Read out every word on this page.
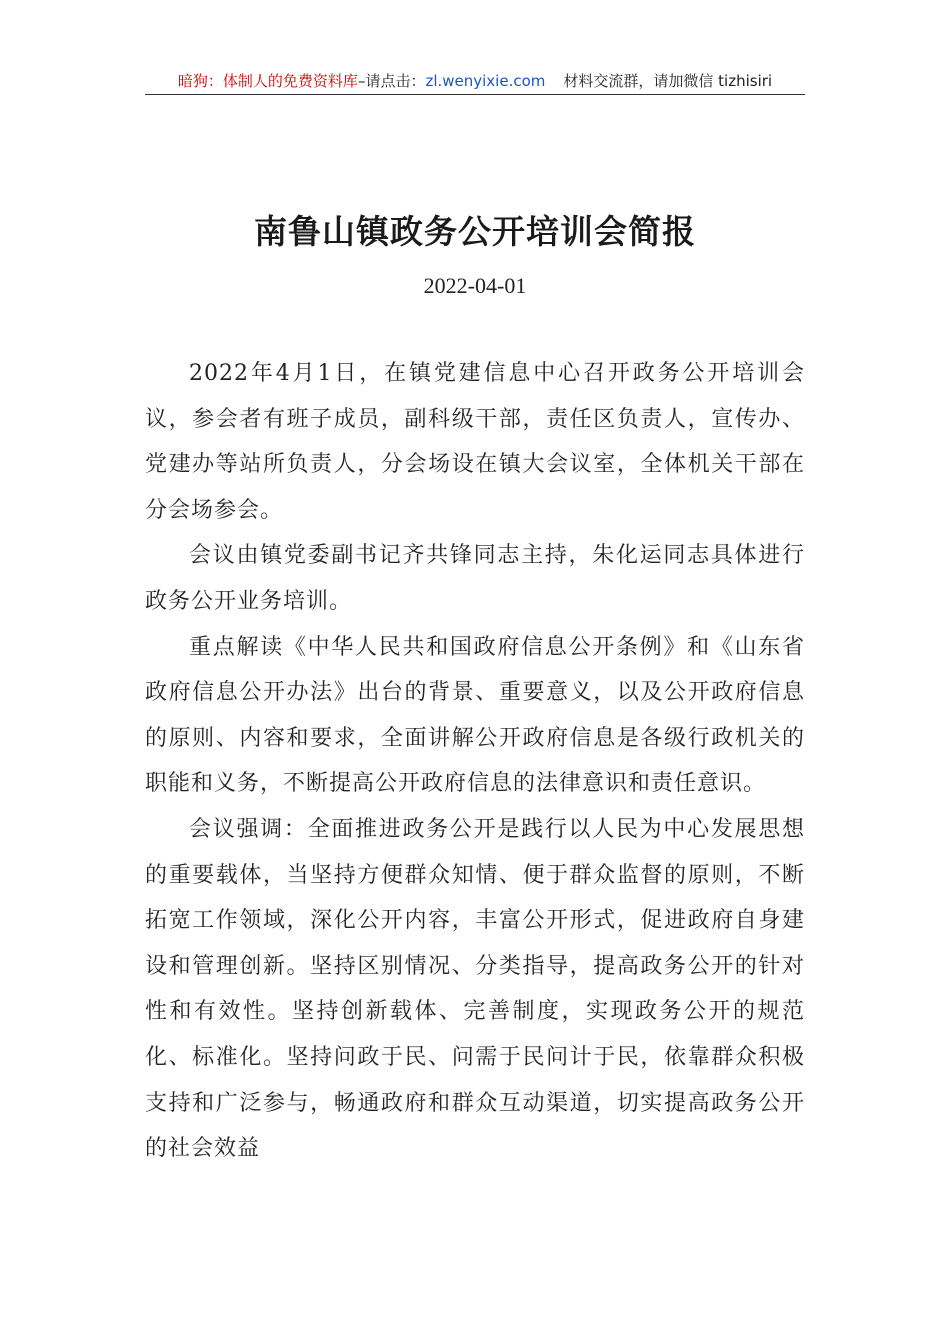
暗狗：体制人的免费资料库–请点击：zl.wenyixie.com 材料交流群，请加微信 tizhisiri
南鲁山镇政务公开培训会简报
2022-04-01

2022年4月1日，在镇党建信息中心召开政务公开培训会议，参会者有班子成员，副科级干部，责任区负责人，宣传办、党建办等站所负责人，分会场设在镇大会议室，全体机关干部在分会场参会。

会议由镇党委副书记齐共锋同志主持，朱化运同志具体进行政务公开业务培训。

重点解读《中华人民共和国政府信息公开条例》和《山东省政府信息公开办法》出台的背景、重要意义，以及公开政府信息的原则、内容和要求，全面讲解公开政府信息是各级行政机关的职能和义务，不断提高公开政府信息的法律意识和责任意识。

会议强调：全面推进政务公开是践行以人民为中心发展思想的重要载体，当坚持方便群众知情、便于群众监督的原则，不断拓宽工作领域，深化公开内容，丰富公开形式，促进政府自身建设和管理创新。坚持区别情况、分类指导，提高政务公开的针对性和有效性。坚持创新载体、完善制度，实现政务公开的规范化、标准化。坚持问政于民、问需于民问计于民，依靠群众积极支持和广泛参与，畅通政府和群众互动渠道，切实提高政务公开的社会效益
